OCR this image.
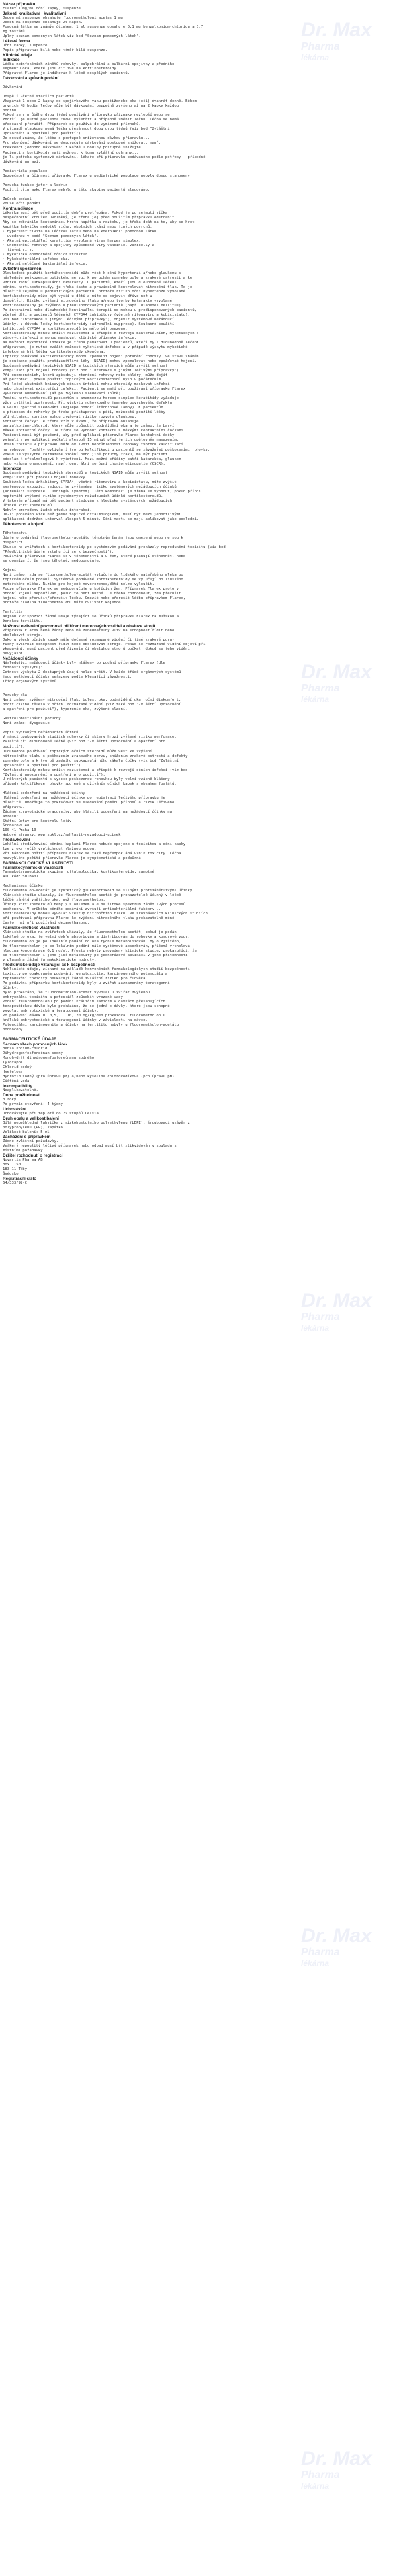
Dr. Max
Pharma
lékárna
Dr. Max
Pharma
lékárna
Dr. Max
Pharma
lékárna
Dr. Max
Pharma
lékárna
Dr. Max
Pharma
lékárna
Název přípravku
Flarex 1 mg/ml oční kapky, suspenze
Jakosti kvalitativní i kvalitativní
Jeden ml suspenze obsahuje fluorometholoni acetas 1 mg.
Jeden ml suspenze obsahuje 20 kapek.
Pomocná látka se známým účinkem: 1 ml suspenze obsahuje 0,1 mg benzalkonium-chloridu a 0,7
mg fosfátů.
Úplný seznam pomocných látek viz bod "Seznam pomocných látek".
Léková forma
Oční kapky, suspenze.
Popis přípravku: bílá nebo téměř bílá suspenze.
Klinické údaje
Indikace
Léčba neinfekčních zánětů rohovky, palpebrální a bulbární spojivky a předního
segmentu oka, které jsou citlivé na kortikosteroidy.
Přípravek Flarex je indikován k léčbě dospělých pacientů.
Dávkování a způsob podání
Dávkování
Dospělí včetně starších pacientů
Vkapávat 1 nebo 2 kapky do spojivkového vaku postiženého oka (očí) dvakrát denně. Během
prvních 48 hodin léčby může být dávkování bezpečně zvýšeno až na 2 kapky každou
hodinu.
Pokud se v průběhu dvou týdnů používání přípravku příznaky nezlepší nebo se
zhorší, je nutné pacienta znovu vyšetřit a případně změnit léčbu. Léčba se nemá
předčasně přerušit. Přípravek se používá do vymizení příznaků.
V případě glaukomu nemá léčba přesáhnout dobu dvou týdnů (viz bod "Zvláštní
upozornění a opatření pro použití").
Je dosud známo, že léčba s postupně snižovanou dávkou přípravku...
Pro ukončení dávkování se doporučuje dávkování postupně snižovat, např.
frekvenci jednoho dávkování z každé 1 hodiny postupně snižujte.
Pacienti s kortikoidy mají možnost k tomu zvláštní ochrany...
je-li potřeba systémové dávkování, lékaře při přípravku podávaného podle potřeby - případně
dávkování upraví.
Pediatrická populace
Bezpečnost a účinnost přípravku Flarex u pediatrické populace nebyly dosud stanoveny.
Porucha funkce jater a ledvin
Použití přípravku Flarex nebylo u této skupiny pacientů sledováno.
Způsob podání
Pouze oční podání.
Kontraindikace
Lékařka musí být před použitím dobře protřepána. Pokud je po sejmutí víčka
bezpečnostní kroužek uvolněný, je třeba jej před použitím přípravku odstranit.
Aby se zabránilo kontaminaci hrotu kapátka a roztoku, je třeba dbát na to, aby se hrot
kapátka lahvičky nedotkl víčka, okolních tkání nebo jiných povrchů.
· Hypersenzitivita na léčivou látku nebo na kteroukoli pomocnou látku
uvedenou v bodě "Seznam pomocných látek".
· Akutní epiteliální keratitida vyvolaná virem herpes simplex.
· Onemocnění rohovky a spojivky způsobené viry vakcinie, varicelly a
jinými viry.
· Mykotická onemocnění očních struktur.
· Mykobakteriální infekce oka.
· Akutní neléčené bakteriální infekce.
Zvláštní upozornění
Dlouhodobé použití kortikosteroidů může vést k oční hypertenzi a/nebo glaukomu s
následným poškozením optického nervu, k poruchám zorného pole a zrakové ostrosti a ke
vzniku zadní subkapsulární katarakty. U pacientů, kteří jsou dlouhodobě léčeni
očními kortikosteroidy, je třeba často a pravidelně kontrolovat nitrooční tlak. To je
důležité zejména u pediatrických pacientů, protože riziko oční hypertenze vyvolané
kortikosteroidy může být vyšší u dětí a může se objevit dříve než u
dospělých. Riziko zvýšení nitroočního tlaku a/nebo tvorby katarakty vyvolané
kortikosteroidy je zvýšeno u predisponovaných pacientů (např. diabetes mellitus).
Po intenzivní nebo dlouhodobé kontinuální terapii se mohou u predisponovaných pacientů,
včetně dětí a pacientů léčených CYP3A4 inhibitory (včetně ritonaviru a kobicistatu),
viz bod "Interakce s jinými léčivými přípravky"), objevit systémové nežádoucí
účinky, z důvodu léčby kortikosteroidy (adrenální supprese). Současné použití
inhibitorů CYP3A4 a kortikosteroidů by mělo být omezeno.
Kortikosteroidy mohou snížit rezistenci a přispět k rozvoji bakteriálních, mykotických a
virových infekcí a mohou maskovat klinické příznaky infekce.
Na možnost mykotické infekce je třeba pamatovat u pacientů, kteří byli dlouhodobě léčeni
přípravkem, je nutné zvážit možnost mykotické infekce a v případě výskytu mykotické
infekce má být léčba kortikosteroidy ukončena.
Topicky podávané kortikosteroidy mohou zpomalit hojení poranění rohovky. Ve stavu známém
je současné použití protizánětlivé léky (NSAID) mohou zpomalovat nebo zpožďovat hojení.
Současné podávání topických NSAID a topických steroidů může zvýšit možnost
komplikací při hojení rohovky (viz bod "Interakce s jinými léčivými přípravky").
Při onemocněních, která způsobují ztenčení rohovky nebo skléry, může dojít
až perforaci, pokud použití topických kortikosteroidů bylo v počátečním
Pri léčbě akutních hnisavých očních infekcí mohou steroidy maskovat infekci
nebo zhoršovat existující infekci. Pacienti se mají při používání přípravku Flarex
vyvarovat ohmatávání (až po zvýšenou sledovací lhůtě).
Podání kortikosteroidů pacientům s anamnézou herpes simplex keratitidy vyžaduje
vždy zvláštní opatrnost. Při výskytu rohovkového jemného povrchového defektu
a velmi opatrné sledování (nejlépe pomocí štěrbinové lampy). K pacientům
s přínosem do rohovky je třeba přistupovat s péčí, možnosti použití léčby
při dilataci zornice mohou zvyšovat riziko rozvoje glaukomu.
Kontaktní čočky: Je třeba vzít v úvahu, že přípravek obsahuje
benzalkonium-chlorid, který může způsobit podráždění oka a je známo, že barví
měkké kontaktní čočky. Je třeba se vyhnout kontaktu s měkkými kontaktními čočkami.
Pacienti musí být poučeni, aby před aplikací přípravku Flarex kontaktní čočky
vyjmuli a po aplikaci vyčkali alespoň 15 minut před jejich opětovným nasazením.
Obsah fosfátu v přípravku může ovlivnit neprůhlednost rohovky tvorbou kalcifikací
na rohovce. Fosfáty ovlivňují tvorbu kalcifikací u pacientů se závažnými poškozeními rohovky.
Pokud se vyskytne rozmazané vidění nebo jiné poruchy zraku, má být pacient
odeslán k oftalmologovi k vyšetření. Mezi možné příčiny patří katarakta, glaukom
nebo vzácná onemocnění, např. centrální serózní chorioretinopatie (CSCR).
Interakce
Současné podávání topických steroidů a topických NSAID může zvýšit možnost
komplikací při procesu hojení rohovky.
Souběžná léčba inhibitory CYP3A4, včetně ritonaviru a kobicistatu, může zvýšit
systémovou expozici vedoucí ke zvýšenému riziku systémových nežádoucích účinků
(adrenální supprese, Cushingův syndrom). Této kombinaci je třeba se vyhnout, pokud přínos
nepřeváží zvýšené riziko systémových nežádoucích účinků kortikosteroidů.
V takovém případě má být pacient sledován z hlediska systémových nežádoucích
účinků kortikosteroidů.
Nebyly provedeny žádné studie interakcí.
Je-li podáváno více než jedno topické oftalmologikum, musí být mezi jednotlivými
aplikacemi dodržen interval alespoň 5 minut. Oční masti se mají aplikovat jako poslední.
Těhotenství a kojení
Těhotenství
Údaje o podávání fluorometholon-acetátu těhotným ženám jsou omezené nebo nejsou k
dispozici.
Studie na zvířatech s kortikosteroidy po systémovém podávání prokázaly reprodukční toxicitu (viz bod
"Předklinické údaje vztahující se k bezpečnosti").
Používání přípravku Flarex se v těhotenství a u žen, které plánují otěhotnět, nebo
se domnívají, že jsou těhotné, nedoporučuje.
Kojení
Není známo, zda se fluorometholon-acetát vylučuje do lidského mateřského mléka po
topickém očním podání. Systémově podávané kortikosteroidy se vylučují do lidského
mateřského mléka. Riziko pro kojené novorozence/děti nelze vyloučit.
Pouze přípravky Flarex se nedoporučuje u kojících žen. Přípravek Flarex proto v
období kojení nepoužívat, pokud to není nutné. Je třeba rozhodnout, zda přerušit
kojení nebo přerušit/přerušit léčbu. Omezit nebo přerušit léčbu přípravkem Flarex,
protože hladina fluorometholonu může ovlivnit kojence.
Fertilita
Nejsou k dispozici žádné údaje týkající se účinků přípravku Flarex na mužskou a
ženskou fertilitu.
Možnost ovlivnění pozornosti při řízení motorových vozidel a obsluze strojů
Přípravek Flarex nemá žádný nebo má zanedbatelný vliv na schopnost řídit nebo
obsluhovat stroje.
Jako u všech očních kapek může dočasné rozmazané vidění či jiné zrakové poru-
ruchy ovlivnit schopnost řídit nebo obsluhovat stroje. Pokud se rozmazané vidění objeví při
vkapávání, musí pacient před řízením či obsluhou strojů počkat, dokud se jeho vidění
nevyjasní.
Nežádoucí účinky
Následující nežádoucí účinky byly hlášeny po podání přípravku Flarex (dle
četnosti výskytu):
Četnost výskytu 2 dostupných údajů nelze určit. V každé třídě orgánových systémů
jsou nežádoucí účinky seřazeny podle klesající závažnosti.
Třídy orgánových systémů
--------------------------------------------
Poruchy oka
Není známo: zvýšený nitrooční tlak, bolest oka, podráždění oka, oční diskomfort,
pocit cizího tělesa v očích, rozmazané vidění (viz také bod "Zvláštní upozornění
a opatření pro použití"), hyperemie oka, zvýšené slzení.
Gastrointestinální poruchy
Není známo: dysgeusie
Popis vybraných nežádoucích účinků
V rámci opakovaných studiích rohovky či sklery hrozí zvýšené riziko perforace,
zvláště při dlouhodobé léčbě (viz bod "Zvláštní upozornění a opatření pro
použití").
Dlouhodobé používání topických očních steroidů může vést ke zvýšení
nitroočního tlaku s poškozením zrakového nervu, snížením zrakové ostrosti a defekty
zorného pole a k tvorbě zadního subkapsulárního zákalu čočky (viz bod "Zvláštní
upozornění a opatření pro použití").
Kortikosteroidy mohou snížit rezistenci a přispět k rozvoji očních infekcí (viz bod
"Zvláštní upozornění a opatření pro použití").
U některých pacientů s vysoce poškozenou rohovkou byly velmi vzácně hlášeny
případy kalcifikace rohovky spojené s užíváním očních kapek s obsahem fosfátů.
Hlášení podezření na nežádoucí účinky
Hlášení podezření na nežádoucí účinky po registraci léčivého přípravku je
důležité. Umožňuje to pokračovat ve sledování poměru přínosů a rizik léčivého
přípravku.
Žádáme zdravotnické pracovníky, aby hlásili podezření na nežádoucí účinky na
adresu:
Státní ústav pro kontrolu léčiv
Šrobárova 48
100 41 Praha 10
Webové stránky: www.sukl.cz/nahlasit-nezadouci-ucinek
Předávkování
Lokální předávkování očními kapkami Flarex nebude spojeno s toxicitou a oční kapky
lze z oka (očí) vypláchnout vlažnou vodou.
Při náhodném požití přípravku Flarex se také nepředpokládá vznik toxicity. Léčba
nezvyklého požití přípravku Flarex je symptomatická a podpůrná.
FARMAKOLOGICKÉ VLASTNOSTI
Farmakodynamické vlastnosti
Farmakoterapeutická skupina: oftalmologika, kortikosteroidy, samotné.
ATC kód: S01BA07
Mechanismus účinku
Fluorometholon-acetát je syntetický glukokortikoid se silnými protizánětlivými účinky.
Klinické studie ukázaly, že fluorometholon-acetát je prokazatelně účinný v léčbě
léčbě zánětů vnějšího oka, než fluorometholon.
Účinky kortikosteroidů nebyly s ohledem ale na široké spektrum zánětlivých procesů
pochopeny. V průběhu očního podávání zvyšují antibakteriální faktory...
Kortikosteroidy mohou vyvolat vzestup nitroočního tlaku. Ve srovnávacích klinických studiích
při používání přípravku Flarex ke zvýšení nitroočního tlaku prokazatelně méně
často, než při používání dexamethasonu.
Farmakokinetické vlastnosti
Klinické studie na zvířatech ukázaly, že fluorometholon-acetát, pokud je podán
lokálně do oka, je velmi dobře absorbován a distribuován do rohovky a komorové vody.
Fluorometholon je po lokálním podání do oka rychle metabolizován. Bylo zjištěno,
že fluorometholon je po lokálním podání mále systémově absorbován, přičemž vrcholová
hladina koncentrace 0,1 ng/ml. Přesto nebyly provedeny klinické studie, prokazující, že
se fluorometholon i jeho jiné metabolity po jednorázové aplikaci v jeho přítomnosti
v plasmě a žádné farmakokinetické hodnoty.
Předklinické údaje vztahující se k bezpečnosti
Neklinické údaje, získané na základě konvenčních farmakologických studií bezpečnosti,
toxicity po opakovaném podávání, genotoxicity, karcinogenního potenciálu a
reprodukční toxicity neukazují žádné zvláštní riziko pro člověka.
Po podávání přípravku kortikosteroidy byly u zvířat zaznamenány teratogenní
účinky.
Bylo prokázáno, že fluorometholon-acetát vyvolal u zvířat zvýšenou
embryonální toxicitu a potenciál způsobit vrozené vady.
Podání fluorometholonu po podání králičím samicím v dávkách přesahujících
terapeutickou dávku bylo prokázáno, že se jedná o dávky, které jsou schopné
vyvolat embryotoxické a teratogenní účinky.
Po podávání dávek 0, 0,5, 1, 10, 20 mg/kg/den prokazoval fluorometholon u
králíků embryotoxické a teratogenní účinky v závislosti na dávce.
Potenciální karcinogenita a účinky na fertilitu nebyly u fluorometholon-acetátu
hodnoceny.
FARMACEUTICKÉ ÚDAJE
Seznam všech pomocných látek
Benzalkonium-chlorid
Dihydrogenfosforečnan sodný
Monohydrát dihydrogenfosforečnanu sodného
Tyloxapol
Chlorid sodný
Hyetelosa
Hydroxid sodný (pro úpravu pH) a/nebo kyselina chlorovodíková (pro úpravu pH)
Čištěná voda
Inkompatibility
Neaplikovatelné.
Doba použitelnosti
3 roky.
Po prvním otevření: 4 týdny.
Uchovávání
Uchovávejte při teplotě do 25 stupňů Celsia.
Druh obalu a velikost balení
Bílá neprůhledná lahvička z nízkohustotního polyethylenu (LDPE), šroubovací uzávěr z
polypropylenu (PP), kapátko.
Velikost balení: 5 ml
Zacházení s přípravkem
Žádné zvláštní požadavky.
Veškerý nepoužitý léčivý přípravek nebo odpad musí být zlikvidován v souladu s
místními požadavky.
Držitel rozhodnutí o registraci
Novartis Pharma AB
Box 1150
183 11 Täby
Švédsko
Registrační číslo
64/333/92-C
